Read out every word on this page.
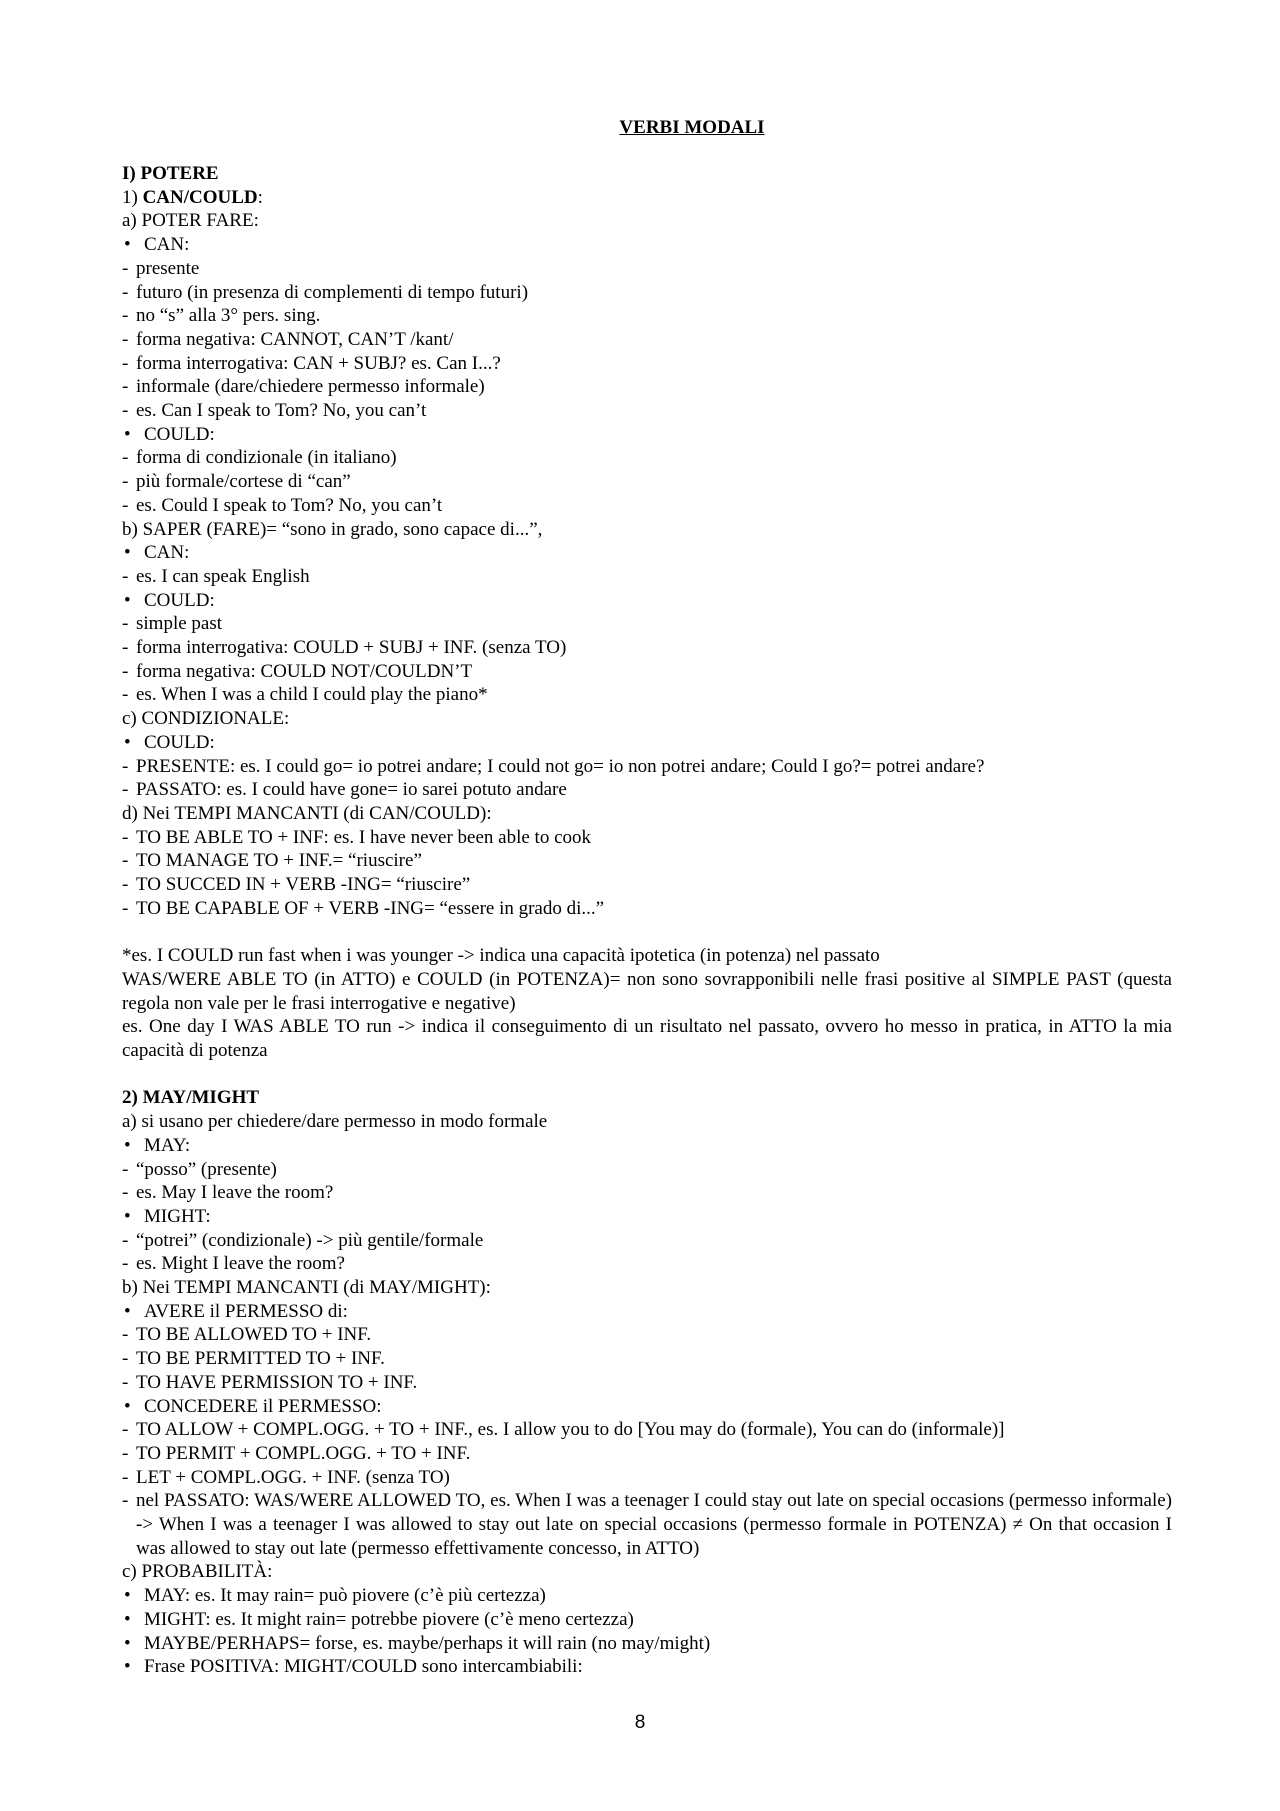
VERBI MODALI
I) POTERE
1) CAN/COULD:
a) POTER FARE:
• CAN:
- presente
- futuro (in presenza di complementi di tempo futuri)
- no “s” alla 3° pers. sing.
- forma negativa: CANNOT, CAN’T /kant/
- forma interrogativa: CAN + SUBJ? es. Can I...?
- informale (dare/chiedere permesso informale)
- es. Can I speak to Tom? No, you can’t
• COULD:
- forma di condizionale (in italiano)
- più formale/cortese di “can”
- es. Could I speak to Tom? No, you can’t
b) SAPER (FARE)= “sono in grado, sono capace di...”,
• CAN:
- es. I can speak English
• COULD:
- simple past
- forma interrogativa: COULD + SUBJ + INF. (senza TO)
- forma negativa: COULD NOT/COULDN’T
- es. When I was a child I could play the piano*
c) CONDIZIONALE:
• COULD:
- PRESENTE: es. I could go= io potrei andare; I could not go= io non potrei andare; Could I go?= potrei andare?
- PASSATO: es. I could have gone= io sarei potuto andare
d) Nei TEMPI MANCANTI (di CAN/COULD):
- TO BE ABLE TO + INF: es. I have never been able to cook
- TO MANAGE TO + INF.= “riuscire”
- TO SUCCED IN + VERB -ING= “riuscire”
- TO BE CAPABLE OF + VERB -ING= “essere in grado di...”
*es. I COULD run fast when i was younger -> indica una capacità ipotetica (in potenza) nel passato
WAS/WERE ABLE TO (in ATTO) e COULD (in POTENZA)= non sono sovrapponibili nelle frasi positive al SIMPLE PAST (questa regola non vale per le frasi interrogative e negative)
es. One day I WAS ABLE TO run -> indica il conseguimento di un risultato nel passato, ovvero ho messo in pratica, in ATTO la mia capacità di potenza
2) MAY/MIGHT
a) si usano per chiedere/dare permesso in modo formale
• MAY:
- “posso” (presente)
- es. May I leave the room?
• MIGHT:
- “potrei” (condizionale) -> più gentile/formale
- es. Might I leave the room?
b) Nei TEMPI MANCANTI (di MAY/MIGHT):
• AVERE il PERMESSO di:
- TO BE ALLOWED TO + INF.
- TO BE PERMITTED TO + INF.
- TO HAVE PERMISSION TO + INF.
• CONCEDERE il PERMESSO:
- TO ALLOW + COMPL.OGG. + TO + INF., es. I allow you to do [You may do (formale), You can do (informale)]
- TO PERMIT + COMPL.OGG. + TO + INF.
- LET + COMPL.OGG. + INF. (senza TO)
- nel PASSATO: WAS/WERE ALLOWED TO, es. When I was a teenager I could stay out late on special occasions (permesso informale) -> When I was a teenager I was allowed to stay out late on special occasions (permesso formale in POTENZA) ≠ On that occasion I was allowed to stay out late (permesso effettivamente concesso, in ATTO)
c) PROBABILITÀ:
• MAY: es. It may rain= può piovere (c’è più certezza)
• MIGHT: es. It might rain= potrebbe piovere (c’è meno certezza)
• MAYBE/PERHAPS= forse, es. maybe/perhaps it will rain (no may/might)
• Frase POSITIVA: MIGHT/COULD sono intercambiabili:
8
